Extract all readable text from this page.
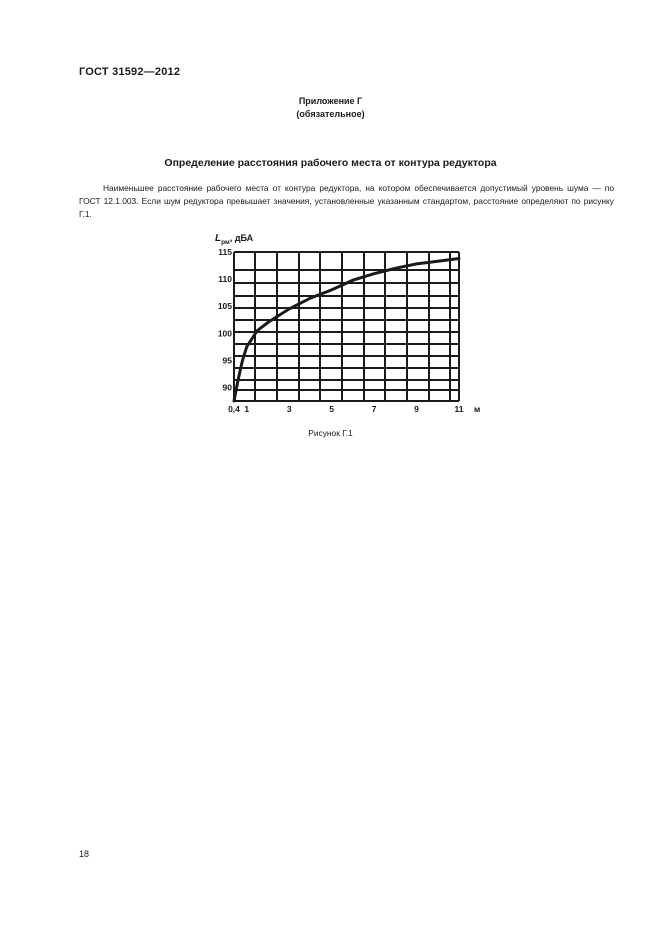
ГОСТ 31592—2012
Приложение Г
(обязательное)
Определение расстояния рабочего места от контура редуктора

Наименьшее расстояние рабочего места от контура редуктора, на котором обеспечивается допустимый уровень шума — по ГОСТ 12.1.003. Если шум редуктора превышает значения, установленные указанным стандартом, расстояние определяют по рисунку Г.1.

0,4 1	3	5	7	9	11 м
90
95
100
105
110
115
$L_{рм}$, дБА
Рисунок Г.1
18
